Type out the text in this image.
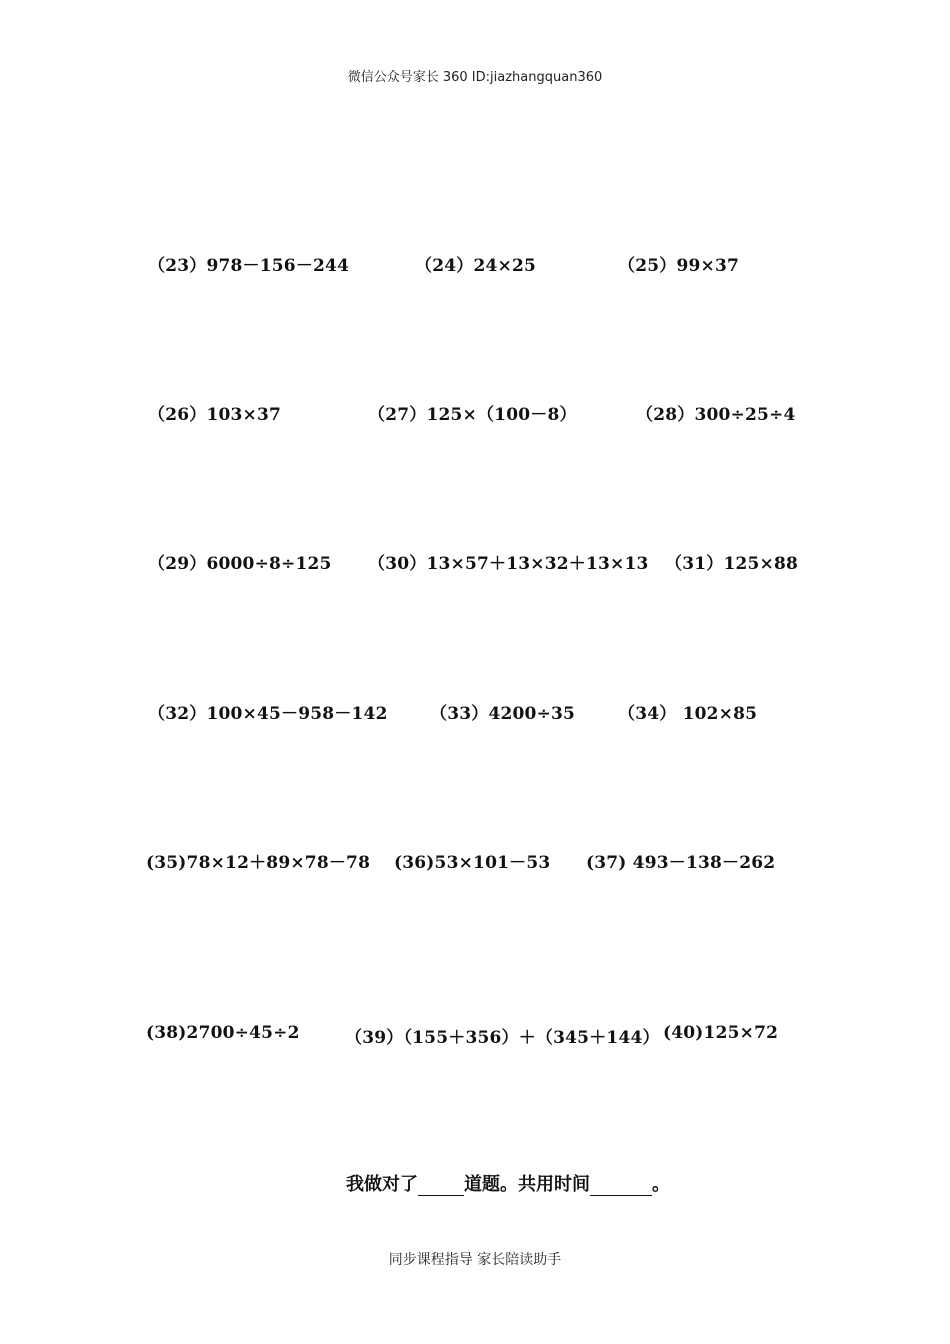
微信公众号家长 360 ID:jiazhangquan360
（23）978－156－244	（24）24×25	（25）99×37
（26）103×37	（27）125×（100－8）	（28）300÷25÷4
（29）6000÷8÷125 （30）13×57＋13×32＋13×13 （31）125×88
（32）100×45－958－142 （33）4200÷35	（34） 102×85
(35)78×12＋89×78－78 (36)53×101－53 (37) 493－138－262
(38)2700÷45÷2	（39）（155＋356）＋（345＋144） (40)125×72
我做对了	道题。共用时间	。
同步课程指导 家长陪读助手
